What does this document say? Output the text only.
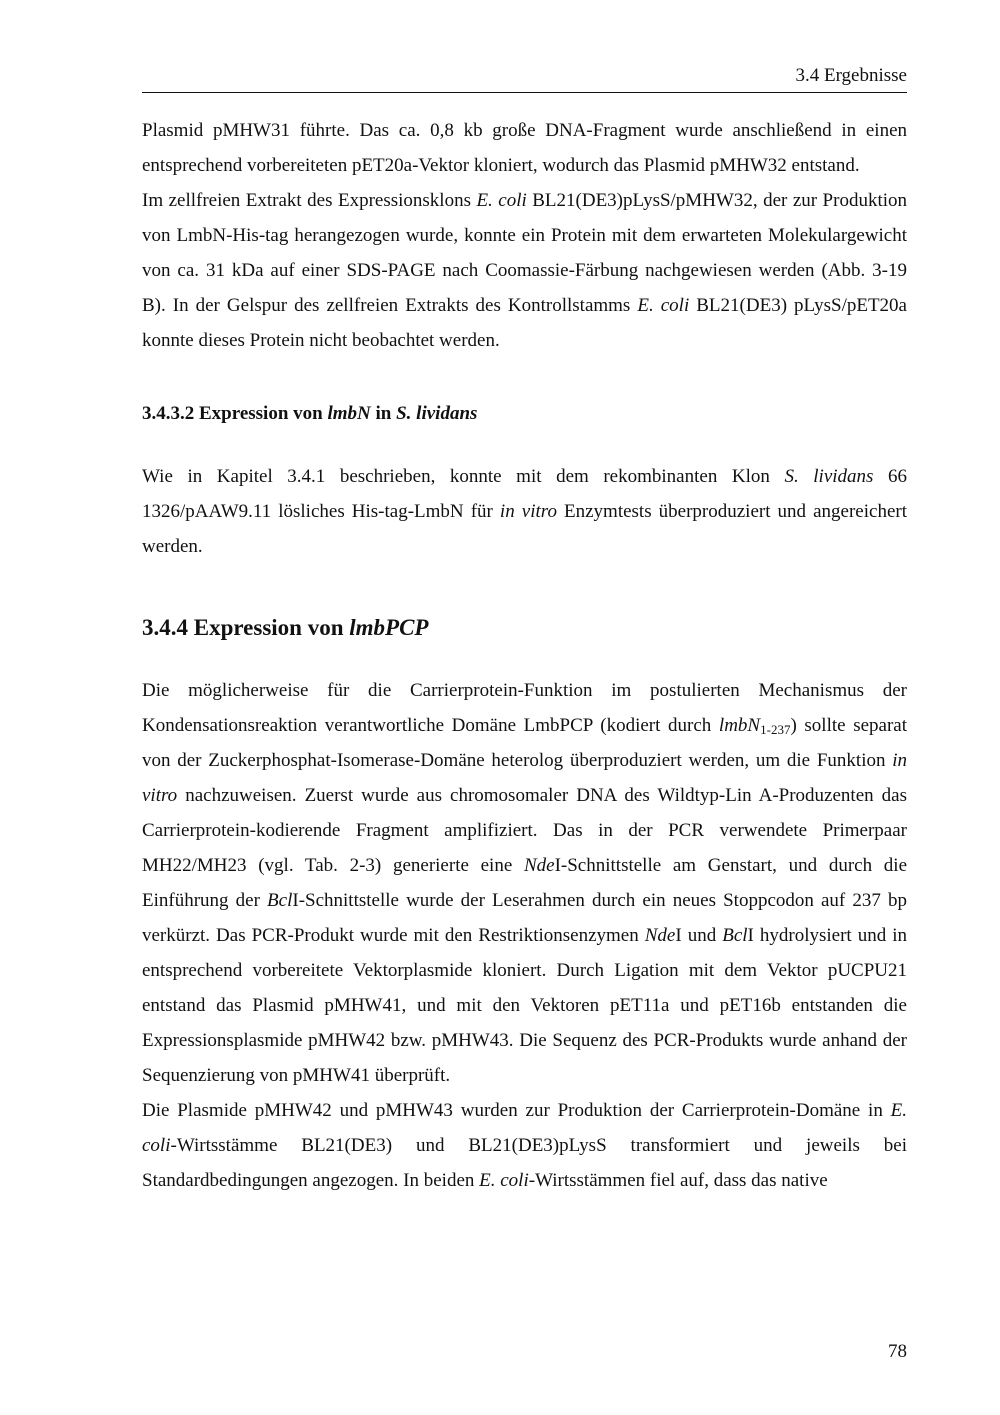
3.4 Ergebnisse

Plasmid pMHW31 führte. Das ca. 0,8 kb große DNA-Fragment wurde anschließend in einen entsprechend vorbereiteten pET20a-Vektor kloniert, wodurch das Plasmid pMHW32 entstand.

Im zellfreien Extrakt des Expressionsklons E. coli BL21(DE3)pLysS/pMHW32, der zur Produktion von LmbN-His-tag herangezogen wurde, konnte ein Protein mit dem erwarteten Molekulargewicht von ca. 31 kDa auf einer SDS-PAGE nach Coomassie-Färbung nachgewiesen werden (Abb. 3-19 B). In der Gelspur des zellfreien Extrakts des Kontrollstamms E. coli BL21(DE3) pLysS/pET20a konnte dieses Protein nicht beobachtet werden.

3.4.3.2 Expression von lmbN in S. lividans

Wie in Kapitel 3.4.1 beschrieben, konnte mit dem rekombinanten Klon S. lividans 66 1326/pAAW9.11 lösliches His-tag-LmbN für in vitro Enzymtests überproduziert und angereichert werden.

3.4.4 Expression von lmbPCP

Die möglicherweise für die Carrierprotein-Funktion im postulierten Mechanismus der Kondensationsreaktion verantwortliche Domäne LmbPCP (kodiert durch lmbN$_{1-237}$) sollte separat von der Zuckerphosphat-Isomerase-Domäne heterolog überproduziert werden, um die Funktion in vitro nachzuweisen. Zuerst wurde aus chromosomaler DNA des Wildtyp-Lin A-Produzenten das Carrierprotein-kodierende Fragment amplifiziert. Das in der PCR verwendete Primerpaar MH22/MH23 (vgl. Tab. 2-3) generierte eine NdeI-Schnittstelle am Genstart, und durch die Einführung der BclI-Schnittstelle wurde der Leserahmen durch ein neues Stoppcodon auf 237 bp verkürzt. Das PCR-Produkt wurde mit den Restriktionsenzymen NdeI und BclI hydrolysiert und in entsprechend vorbereitete Vektorplasmide kloniert. Durch Ligation mit dem Vektor pUCPU21 entstand das Plasmid pMHW41, und mit den Vektoren pET11a und pET16b entstanden die Expressionsplasmide pMHW42 bzw. pMHW43. Die Sequenz des PCR-Produkts wurde anhand der Sequenzierung von pMHW41 überprüft.

Die Plasmide pMHW42 und pMHW43 wurden zur Produktion der Carrierprotein-Domäne in E. coli-Wirtsstämme BL21(DE3) und BL21(DE3)pLysS transformiert und jeweils bei Standardbedingungen angezogen. In beiden E. coli-Wirtsstämmen fiel auf, dass das native

78
